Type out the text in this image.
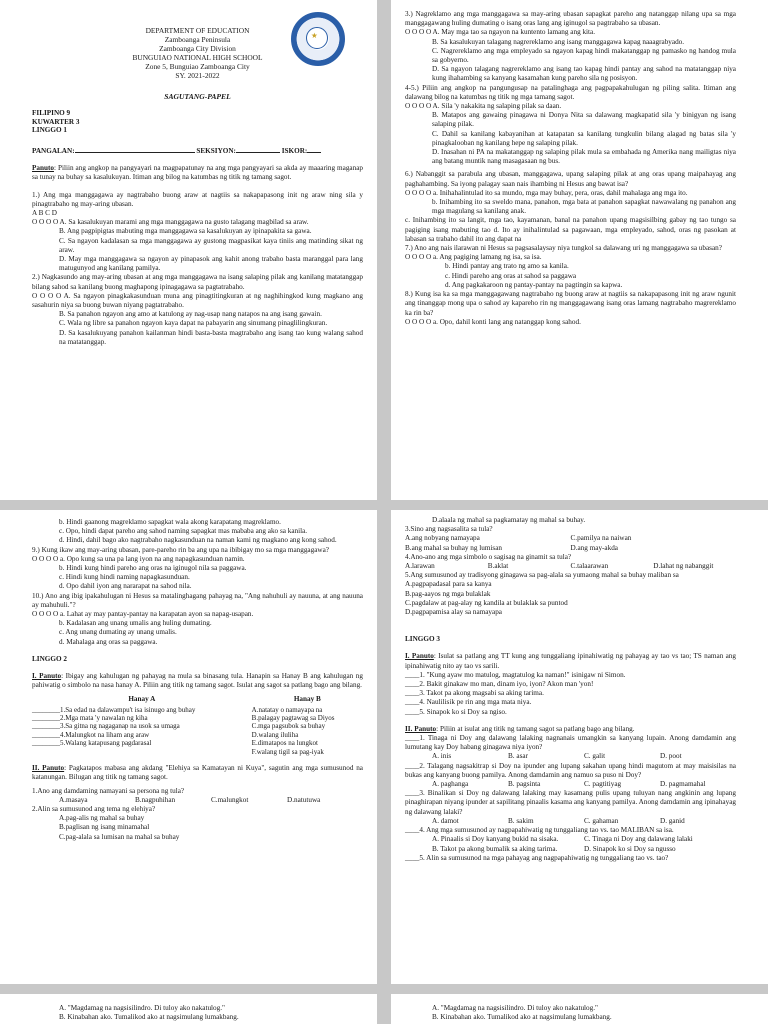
DEPARTMENT OF EDUCATION
Zamboanga Peninsula
Zamboanga City Division
BUNGUIAO NATIONAL HIGH SCHOOL
Zone 5, Bunguiao Zamboanga City
SY. 2021-2022
★
SAGUTANG-PAPEL
FILIPINO 9
KUWARTER 3
LINGGO 1
PANGALAN:	SEKSIYON:	ISKOR:

Panuto: Piliin ang angkop na pangyayari na magpapatunay na ang mga pangyayari sa akda ay maaaring maganap sa tunay na buhay sa kasalukuyan. Itiman ang bilog na katumbas ng titik ng tamang sagot.

1.) Ang mga manggagawa ay nagtrabaho buong araw at nagtiis sa nakapapasong init ng araw ning sila y pinagtrabaho ng may-aring ubasan.

A B C D

O O O O A. Sa kasalukuyan marami ang mga manggagawa na gusto talagang magbilad sa araw.

B. Ang pagpipigtas mabuting mga manggagawa sa kasalukuyan ay ipinapakita sa gawa.

C. Sa ngayon kadalasan sa mga manggagawa ay gustong magpasikat kaya tiniis ang matinding sikat ng araw.

D. May mga manggagawa sa ngayon ay pinapasok ang kahit anong trabaho basta maranggal para lang matugunyod ang kanilang pamilya.

2.) Nagkasundo ang may-aring ubasan at ang mga manggagawa na isang salaping pilak ang kanilang matatanggap bilang sahod sa kanilang buong maghapong ipinagagawa sa pagtatrabaho.

O O O O A. Sa ngayon pinagkakasunduan muna ang pinagtitingkuran at ng naghihingkod kung magkano ang sasahurin niya sa buong buwan niyang pagtatrabaho.

B. Sa panahon ngayon ang amo at katulong ay nag-usap nang natapos na ang isang gawain.

C. Wala ng libre sa panahon ngayon kaya dapat na pabayarin ang sinumang pinaglilingkuran.

D. Sa kasalukuyang panahon kailanman hindi basta-basta magtrabaho ang isang tao kung walang sahod na matatanggap.

3.) Nagreklamo ang mga manggagawa sa may-aring ubasan sapagkat pareho ang natanggap nilang upa sa mga manggagawang huling dumating o isang oras lang ang iginugol sa pagtrabaho sa ubasan.

O O O O A. May mga tao sa ngayon na kuntento lamang ang kita.

B. Sa kasalukuyan talagang nagrereklamo ang isang manggagawa kapag naaagrabyado.

C. Nagrereklamo ang mga empleyado sa ngayon kapag hindi makatanggap ng pamasko ng handog mula sa gobyerno.

D. Sa ngayon talagang nagrereklamo ang isang tao kapag hindi pantay ang sahod na matatanggap niya kung ihahambing sa kanyang kasamahan kung pareho sila ng posisyon.

4-5.) Piliin ang angkop na pangungusap na patalinghaga ang pagpapakahulugan ng piling salita. Itiman ang dalawang bilog na katumbas ng titik ng mga tamang sagot.

O O O O A. Sila 'y nakakita ng salaping pilak sa daan.

B. Matapos ang gawaing pinagawa ni Donya Nita sa dalawang magkapatid sila 'y binigyan ng isang salaping pilak.

C. Dahil sa kanilang kabayanihan at katapatan sa kanilang tungkulin bilang alagad ng batas sila 'y pinagkalooban ng kanilang hepe ng salaping pilak.

D. Inasahan ni PA na makatanggap ng salaping pilak mula sa embahada ng Amerika nang mailigtas niya ang batang muntik nang masagasaan ng bus.

6.) Nabanggit sa parabula ang ubasan, manggagawa, upang salaping pilak at ang oras upang maipahayag ang paghahambing. Sa iyong palagay saan nais ihambing ni Hesus ang bawat isa?

O O O O a. Inihahalintulad ito sa mundo, mga may buhay, pera, oras, dahil mahalaga ang mga ito.

b. Inihambing ito sa sweldo mana, panahon, mga bata at panahon sapagkat nawawalang ng panahon ang mga magulang sa kanilang anak.

c. Inihambing ito sa langit, mga tao, kayamanan, banal na panahon upang magsisilbing gabay ng tao tungo sa pagiging isang mabuting tao d. Ito ay inihalintulad sa pagawaan, mga empleyado, sahod, oras ng pasokan at labasan sa trabaho dahil ito ang dapat na

7.) Ano ang nais ilarawan ni Hesus sa pagsasalaysay niya tungkol sa dalawang uri ng manggagawa sa ubasan?

O O O O a. Ang pagiging lamang ng isa, sa isa.

b. Hindi pantay ang trato ng amo sa kanila.

c. Hindi pareho ang oras at sahod sa paggawa

d. Ang pagkakaroon ng pantay-pantay na pagtingin sa kapwa.

8.) Kung isa ka sa mga manggagawang nagtrabaho ng buong araw at nagtiis sa nakapapasong init ng araw ngunit ang tinanggap mong upa o sahod ay kapareho rin ng manggagawang isang oras lamang nagtrabaho magrereklamo ka rin ba?

O O O O a. Opo, dahil konti lang ang natanggap kong sahod.

b. Hindi gaanong magreklamo sapagkat wala akong karapatang magreklamo.

c. Opo, hindi dapat pareho ang sahod naming sapagkat mas mababa ang ako sa kanila.

d. Hindi, dahil bago ako nagtrabaho nagkasunduan na naman kami ng magkano ang kong sahod.

9.) Kung ikaw ang may-aring ubasan, pare-pareho rin ba ang upa na ibibigay mo sa mga manggagawa?

O O O O a. Opo kung sa una pa lang iyon na ang napagkasunduan namin.

b. Hindi kung hindi pareho ang oras na iginugol nila sa paggawa.

c. Hindi kung hindi naming napagkasunduan.

d. Opo dahil iyon ang nararapat na sahod nila.

10.) Ano ang ibig ipakahulugan ni Hesus sa matalinghagang pahayag na, "Ang nahuhuli ay nauuna, at ang nauuna ay mahuhuli."?

O O O O a. Lahat ay may pantay-pantay na karapatan ayon sa napag-usapan.

b. Kadalasan ang unang umalis ang huling dumating.

c. Ang unang dumating ay unang umalis.

d. Mahalaga ang oras sa paggawa.

LINGGO 2

I. Panuto: Ibigay ang kahulugan ng pahayag na mula sa binasang tula. Hanapin sa Hanay B ang kahulugan ng pahiwatig o simbolo na nasa hanay A. Piliin ang titik ng tamang sagot. Isulat ang sagot sa patlang bago ang bilang.

Hanay A	Hanay B
________1.Sa edad na dalawampu't isa isinugo ang buhay	A.natatay o namayapa na
________2.Mga mata 'y nawalan ng kiha	B.palagay pagtawag sa Diyos
________3.Sa gitna ng nagaganap na usok sa umaga	C.mga pagsubok sa buhay
________4.Malungkot na liham ang araw	D.walang iluliha
________5.Walang katapusang pagdarasal	E.dimatapos na lungkot
	F.walang tigil sa pag-iyak

II. Panuto: Pagkatapos mabasa ang akdang "Elehiya sa Kamatayan ni Kuya", sagutin ang mga sumusunod na katanungan. Bilugan ang titik ng tamang sagot.

1.Ano ang damdaming namayani sa persona ng tula?

A.masaya	B.nagpuhihan	C.malungkot	D.natutuwa

2.Alin sa sumusunod ang tema ng elehiya?

A.pag-alis ng mahal sa buhay

B.paglisan ng isang minamahal

C.pag-alala sa lumisan na mahal sa buhay

D.alaala ng mahal sa pagkamatay ng mahal sa buhay.

3.Sino ang nagsasalita sa tula?

A.ang nobyang namayapa	C.pamilya na naiwan
B.ang mahal sa buhay ng lumisan	D.ang may-akda

4.Ano-ano ang mga simbolo o sagisag na ginamit sa tula?

A.larawan	B.aklat	C.talaarawan	D.lahat ng nabanggit

5.Ang sumusunod ay tradisyong ginagawa sa pag-alala sa yumaong mahal sa buhay maliban sa

A.pagpapadasal para sa kanya

B.pag-aayos ng mga bulaklak

C.pagdalaw at pag-alay ng kandila at bulaklak sa puntod

D.pagpapamisa alay sa namayapa

LINGGO 3

I. Panuto: Isulat sa patlang ang TT kung ang tunggaliang ipinahiwatig ng pahayag ay tao vs tao; TS naman ang ipinahiwatig nito ay tao vs sarili.

____1. "Kung ayaw mo matulog, magtatulog ka naman!" isinigaw ni Simon.

____2. Bakit ginakaw mo man, dinam iyo, iyon? Akon man 'yon!

____3. Takot pa akong magsabi sa aking tarima.

____4. Naulilisik pe rin ang mga mata niya.

____5. Sinapok ko si Doy sa ngiso.

II. Panuto: Piliin at isulat ang titik ng tamang sagot sa patlang bago ang bilang.

____1. Tinaga ni Doy ang dalawang lalaking nagnanais umangkin sa kanyang lupain. Anong damdamin ang lumutang kay Doy habang ginagawa niya iyon?

A. inis	B. asar	C. galit	D. poot

____2. Talagang nagsakitrap si Doy na ipunder ang lupang sakahan upang hindi magutom at may maisisilas na bukas ang kanyang buong pamilya. Anong damdamin ang namuo sa puso ni Doy?

A. paghanga	B. pagsinta	C. pagtitiyag	D. pagmamahal

____3. Binalikan si Doy ng dalawang lalaking may kasamang pulis upang tuluyan nang angkinin ang lupang pinaghirapan niyang ipunder at sapilitang pinaalis kasama ang kanyang pamilya. Anong damdamin ang ipinahayag ng dalawang lalaki?

A. damot	B. sakim	C. gahaman	D. ganid

____4. Ang mga sumusunod ay nagpapahiwatig ng tunggaliang tao vs. tao MALIBAN sa isa.

A. Pinaalis si Doy kanyang bukid na sisaka.	C. Tinaga ni Doy ang dalawang lalaki
B. Takot pa akong bumalik sa aking tarima.	D. Sinapok ko si Doy sa ngusso

____5. Alin sa sumusunod na mga pahayag ang nagpapahiwatig ng tunggaliang tao vs. tao?

A. "Magdamag na nagsisilindro. Di tuloy ako nakatulog."

B. Kinabahan ako. Tumalikod ako at nagsimulang lumakbang.

A. "Magdamag na nagsisilindro. Di tuloy ako nakatulog."

B. Kinabahan ako. Tumalikod ako at nagsimulang lumakbang.
